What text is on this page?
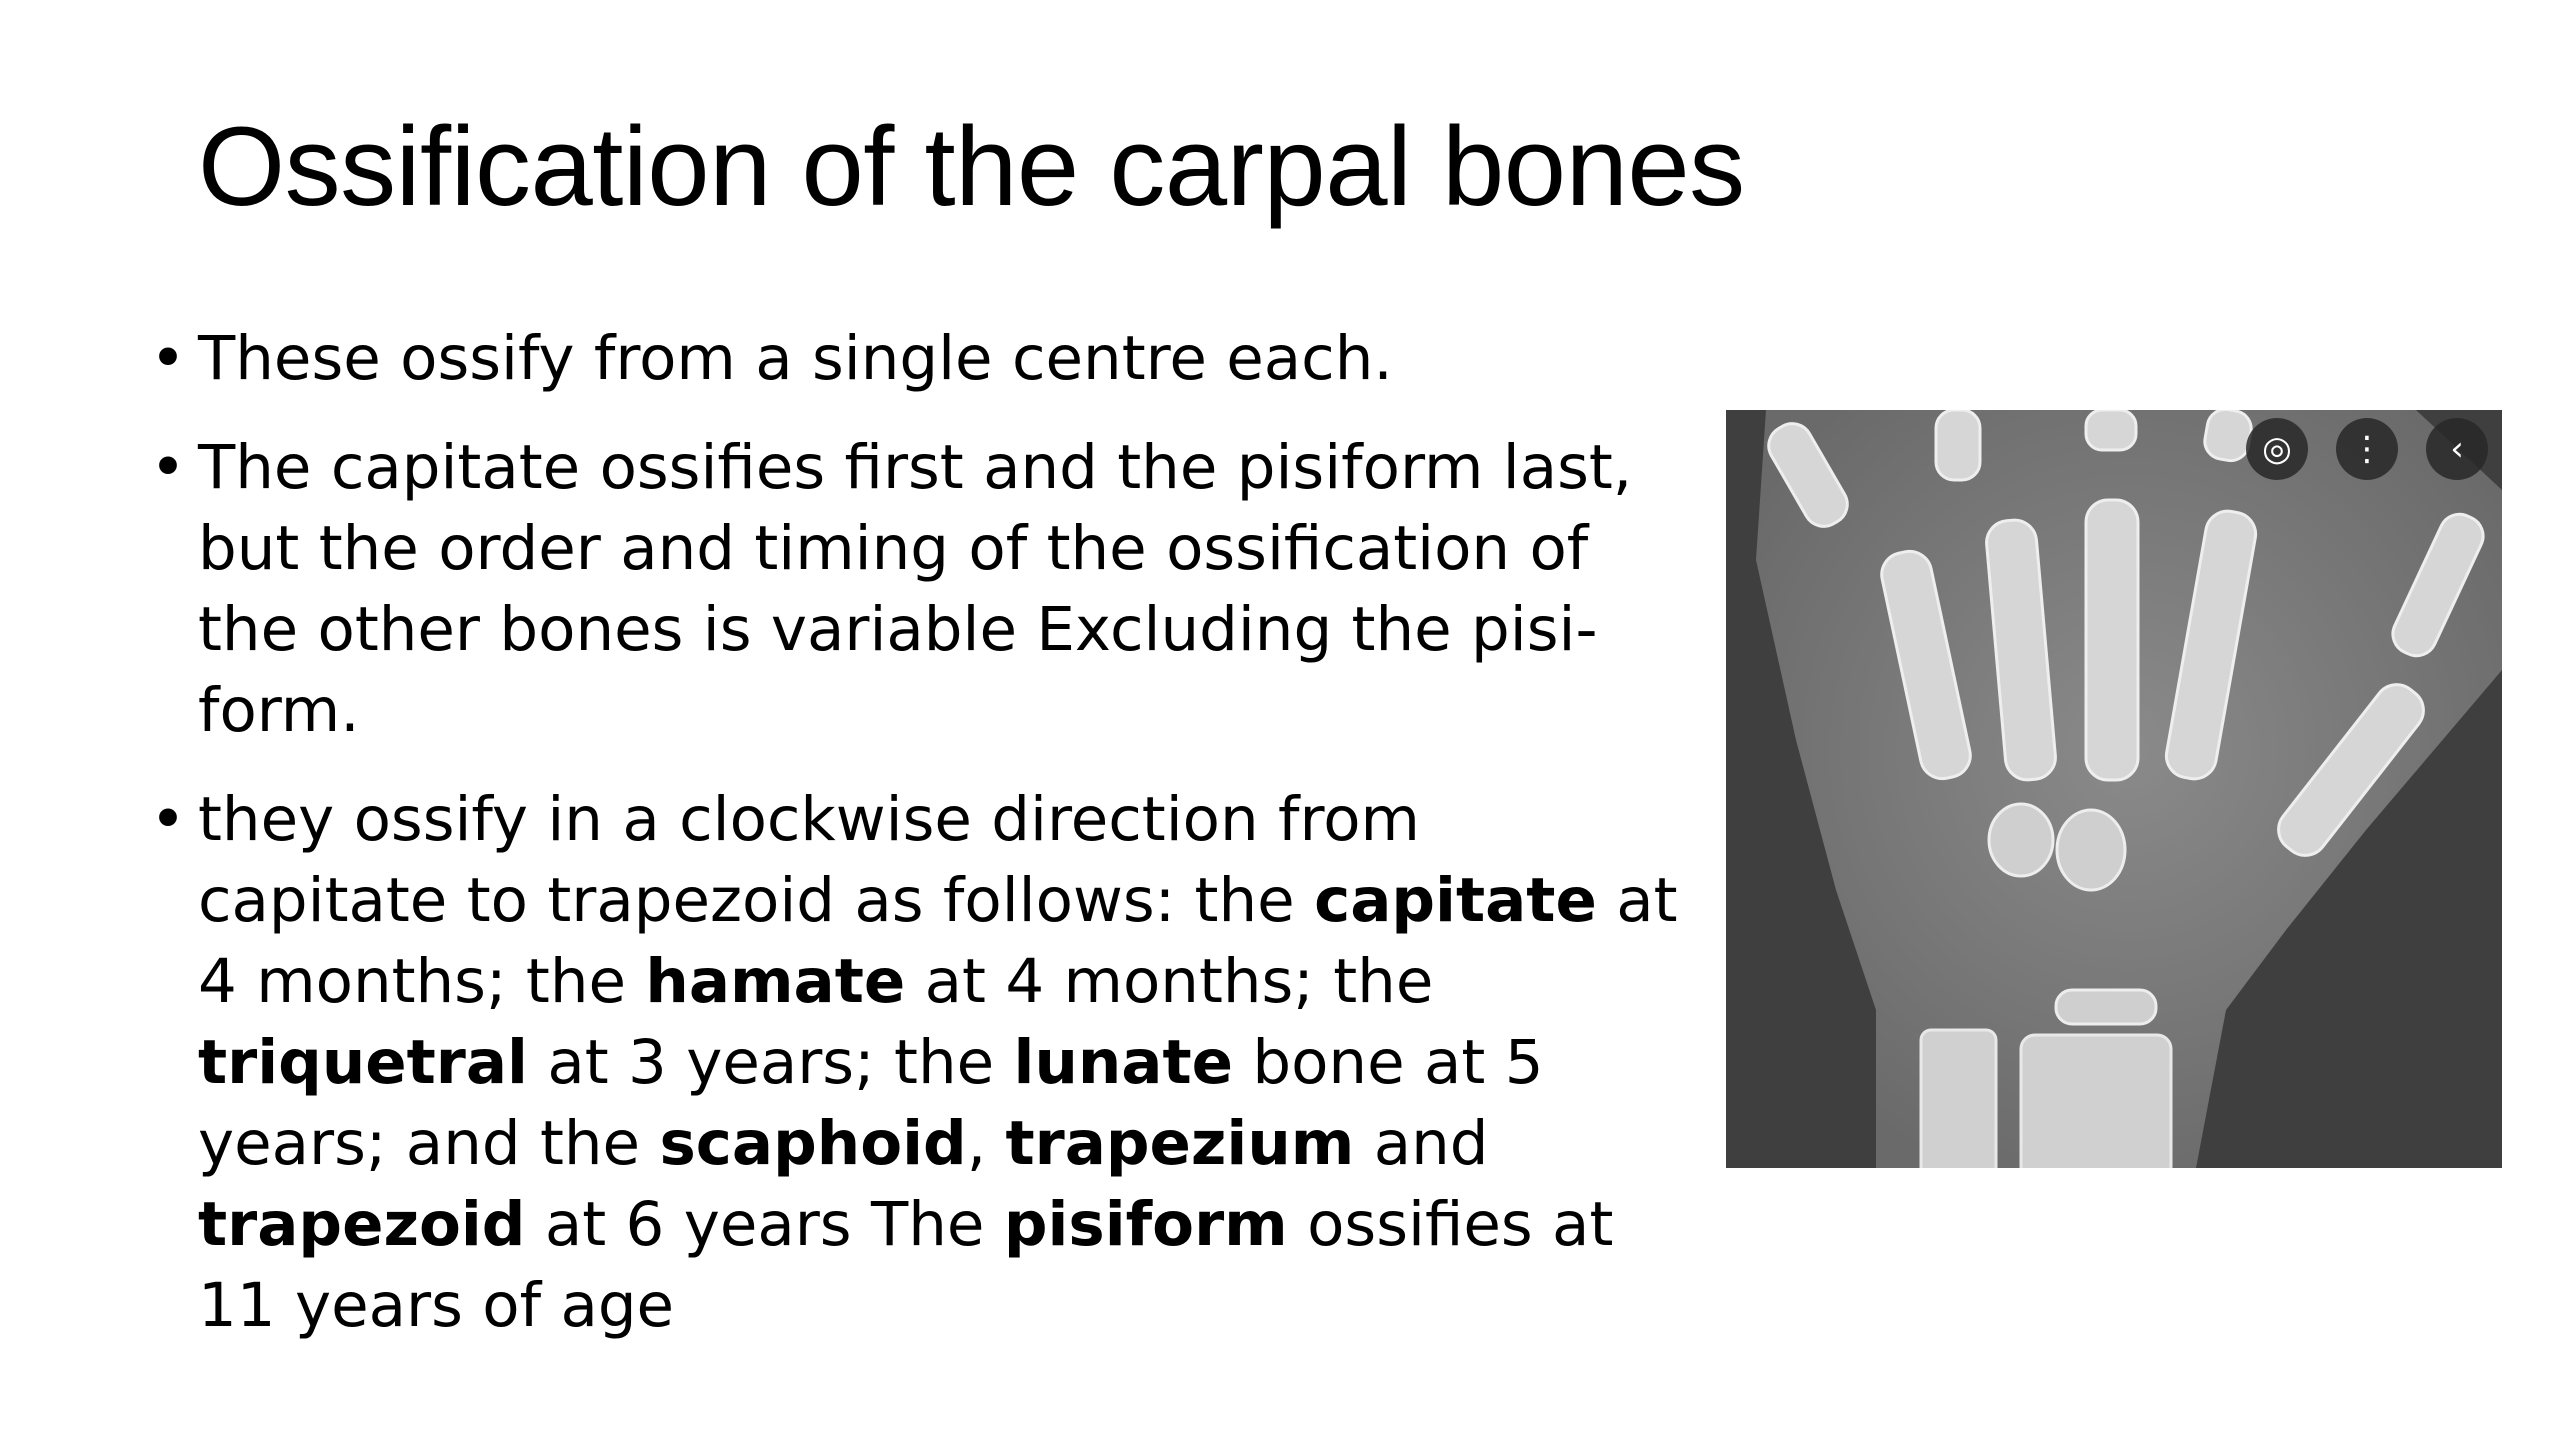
Ossification of the carpal bones
• These ossify from a single centre each.
• The capitate ossifies first and the pisiform last, but the order and timing of the ossification of the other bones is variable Excluding the pisi- form.
• they ossify in a clockwise direction from capitate to trapezoid as follows: the capitate at 4 months; the hamate at 4 months; the triquetral at 3 years; the lunate bone at 5 years; and the scaphoid, trapezium and trapezoid at 6 years The pisiform ossifies at 11 years of age
◎	⋮	‹
